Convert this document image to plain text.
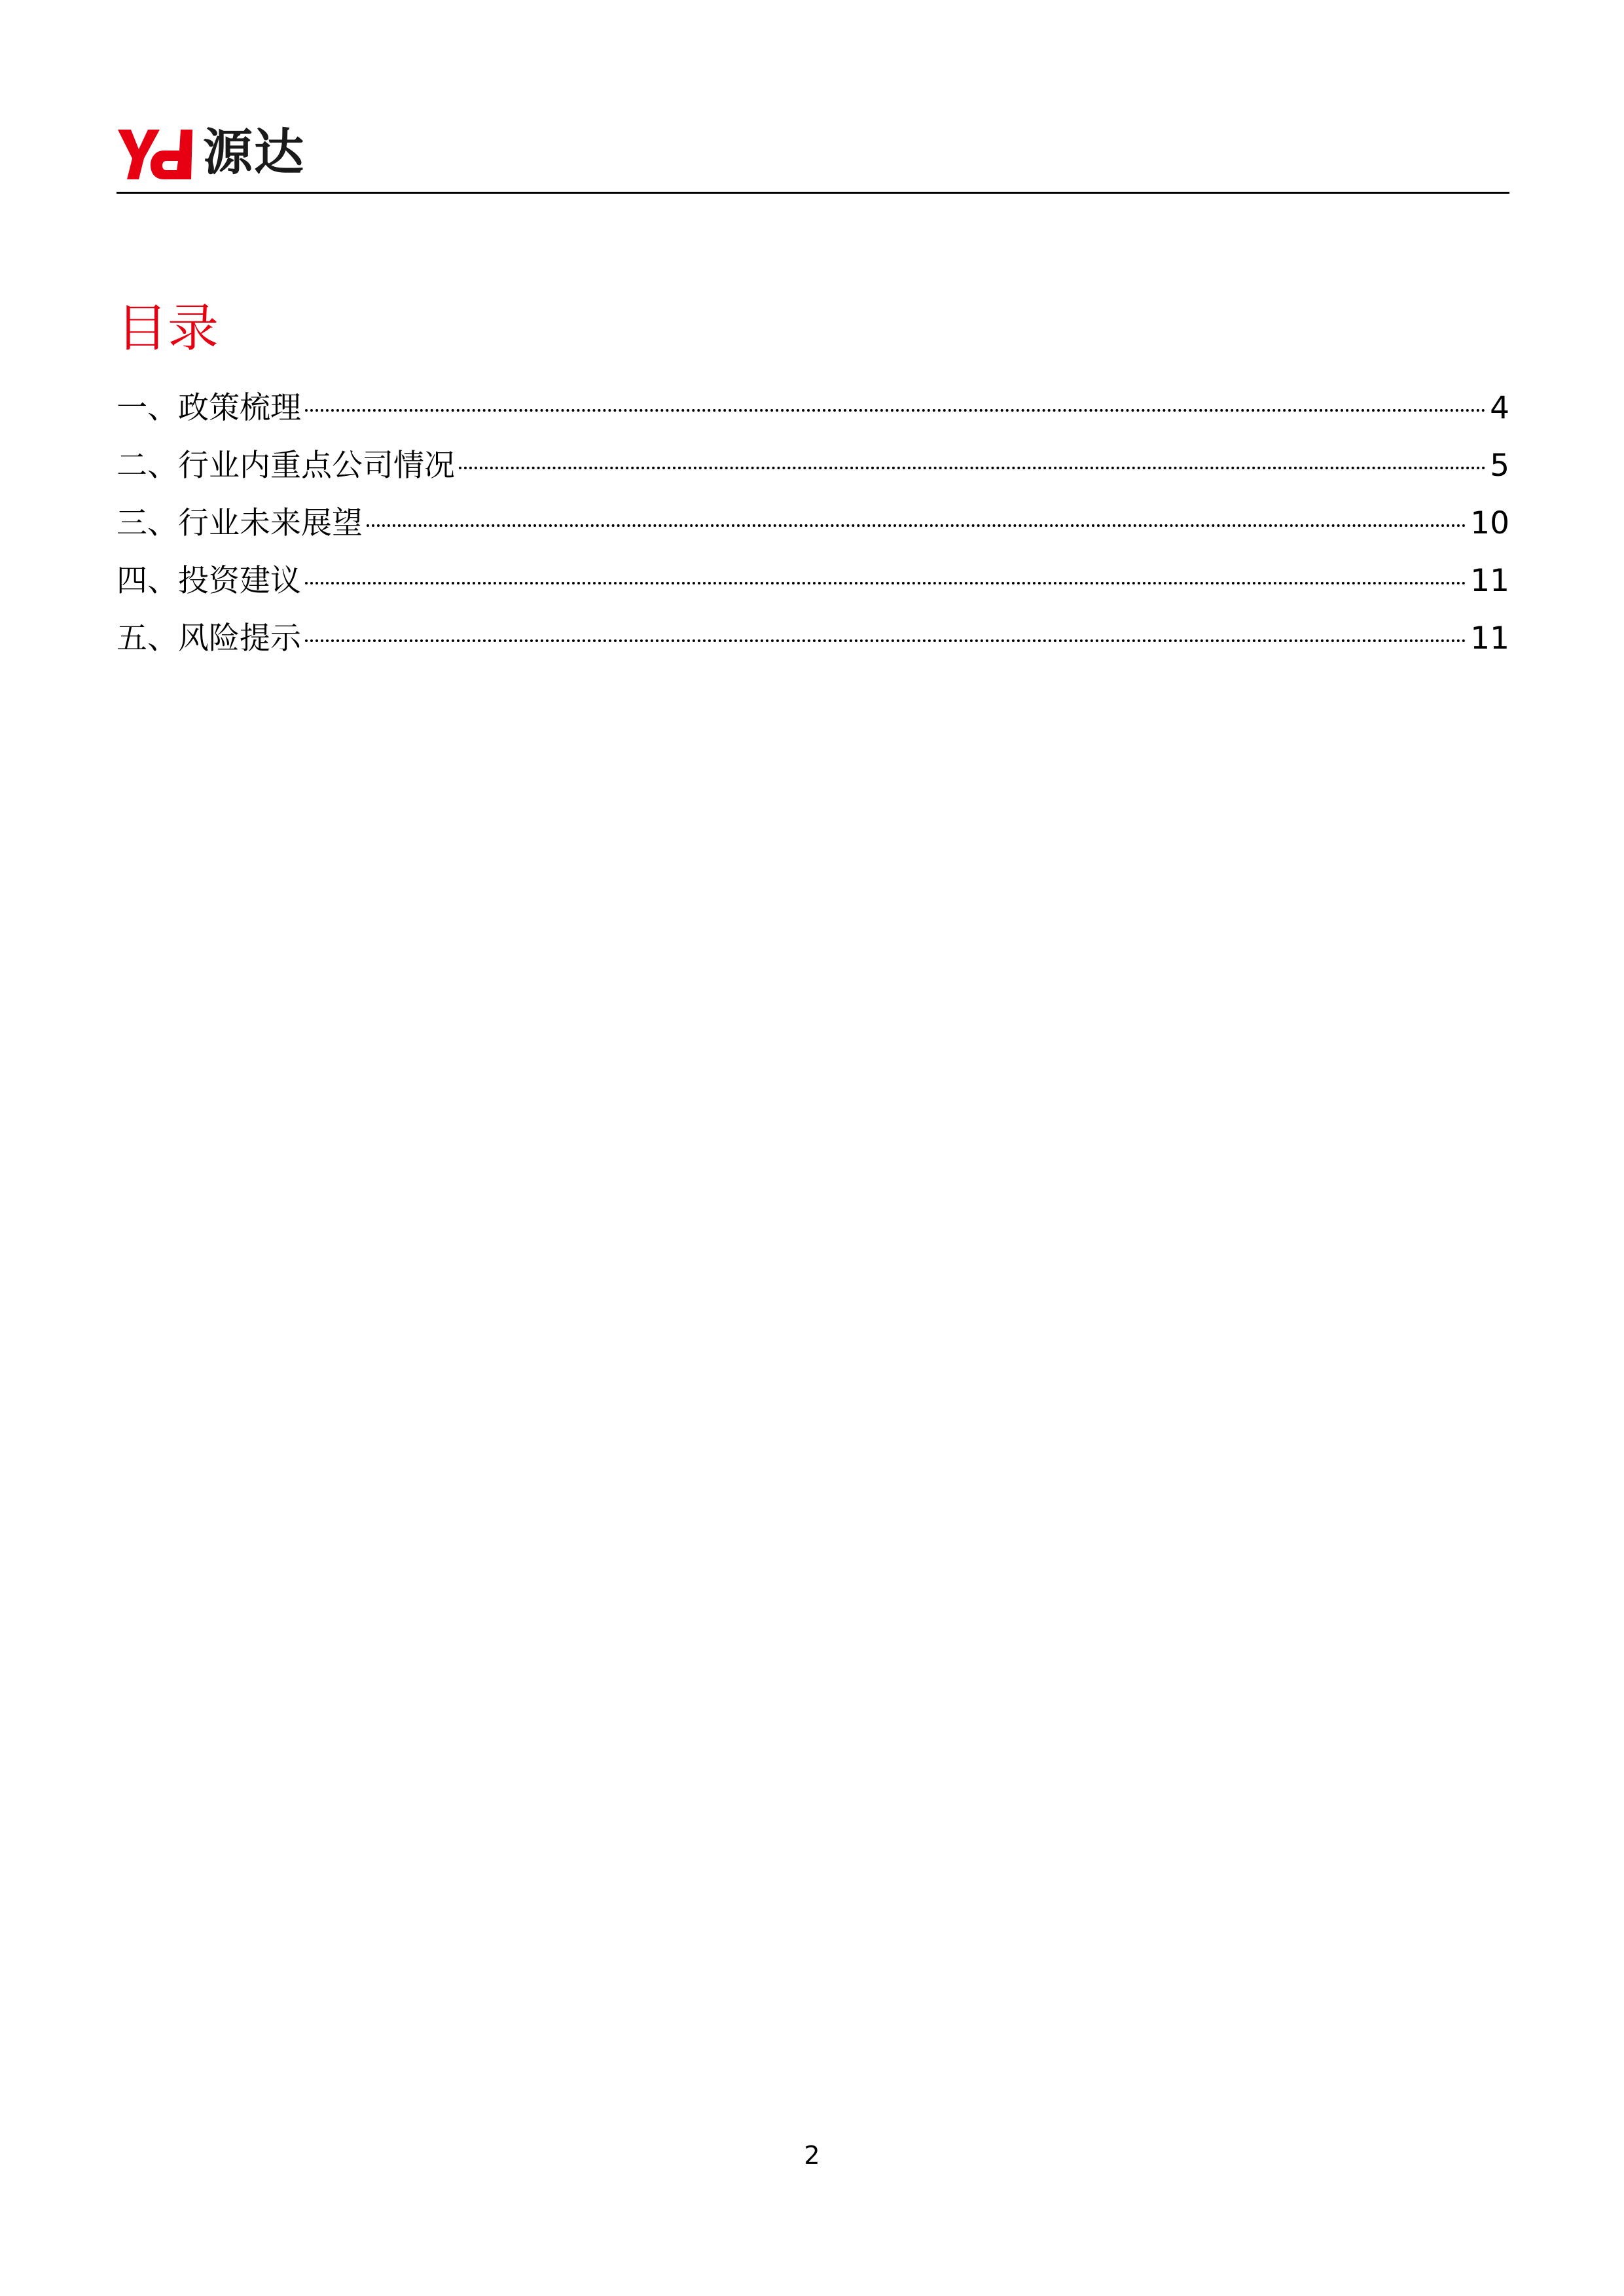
源达
目录
一、政策梳理	4
二、行业内重点公司情况	5
三、行业未来展望	10
四、投资建议	11
五、风险提示	11
2
